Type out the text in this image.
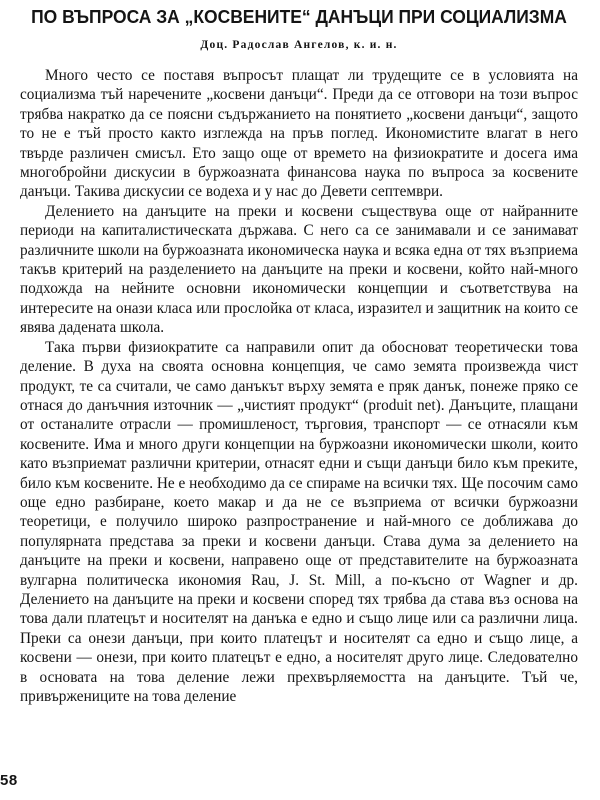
ПО ВЪПРОСА ЗА „КОСВЕНИТЕ“ ДАНЪЦИ ПРИ СОЦИАЛИЗМА
Доц. Радослав Ангелов, к. и. н.

Много често се поставя въпросът плащат ли трудещите се в условията на социализма тъй наречените „косвени данъци“. Преди да се отговори на този въпрос трябва накратко да се поясни съдържанието на понятието „косвени данъци“, защото то не е тъй просто както изглежда на пръв поглед. Икономистите влагат в него твърде различен смисъл. Ето защо още от времето на физиократите и досега има многобройни дискусии в буржоазната финансова наука по въпроса за косвените данъци. Такива дискусии се водеха и у нас до Девети септември.

Делението на данъците на преки и косвени съществува още от найранните периоди на капиталистическата държава. С него са се занимавали и се занимават различните школи на буржоазната икономическа наука и всяка една от тях възприема такъв критерий на разделението на данъците на преки и косвени, който най-много подхожда на нейните основни икономически концепции и съответствува на интересите на онази класа или прослойка от класа, изразител и защитник на които се явява дадената школа.

Така първи физиократите са направили опит да обосноват теоретически това деление. В духа на своята основна концепция, че само земята произвежда чист продукт, те са считали, че само данъкът върху земята е пряк данък, понеже пряко се отнася до данъчния източник — „чистият продукт“ (produit net). Данъците, плащани от останалите отрасли — промишленост, търговия, транспорт — се отнасяли към косвените. Има и много други концепции на буржоазни икономически школи, които като възприемат различни критерии, отнасят едни и същи данъци било към преките, било към косвените. Не е необходимо да се спираме на всички тях. Ще посочим само още едно разбиране, което макар и да не се възприема от всички буржоазни теоретици, е получило широко разпространение и най-много се доближава до популярната представа за преки и косвени данъци. Става дума за делението на данъците на преки и косвени, направено още от представителите на буржоазната вулгарна политическа икономия Rau, J. St. Mill, а по-късно от Wagner и др. Делението на данъците на преки и косвени според тях трябва да става въз основа на това дали платецът и носителят на данъка е едно и също лице или са различни лица. Преки са онези данъци, при които платецът и носителят са едно и също лице, а косвени — онези, при които платецът е едно, а носителят друго лице. Следователно в основата на това деление лежи прехвърляемостта на данъците. Тъй че, привържениците на това деление

58
